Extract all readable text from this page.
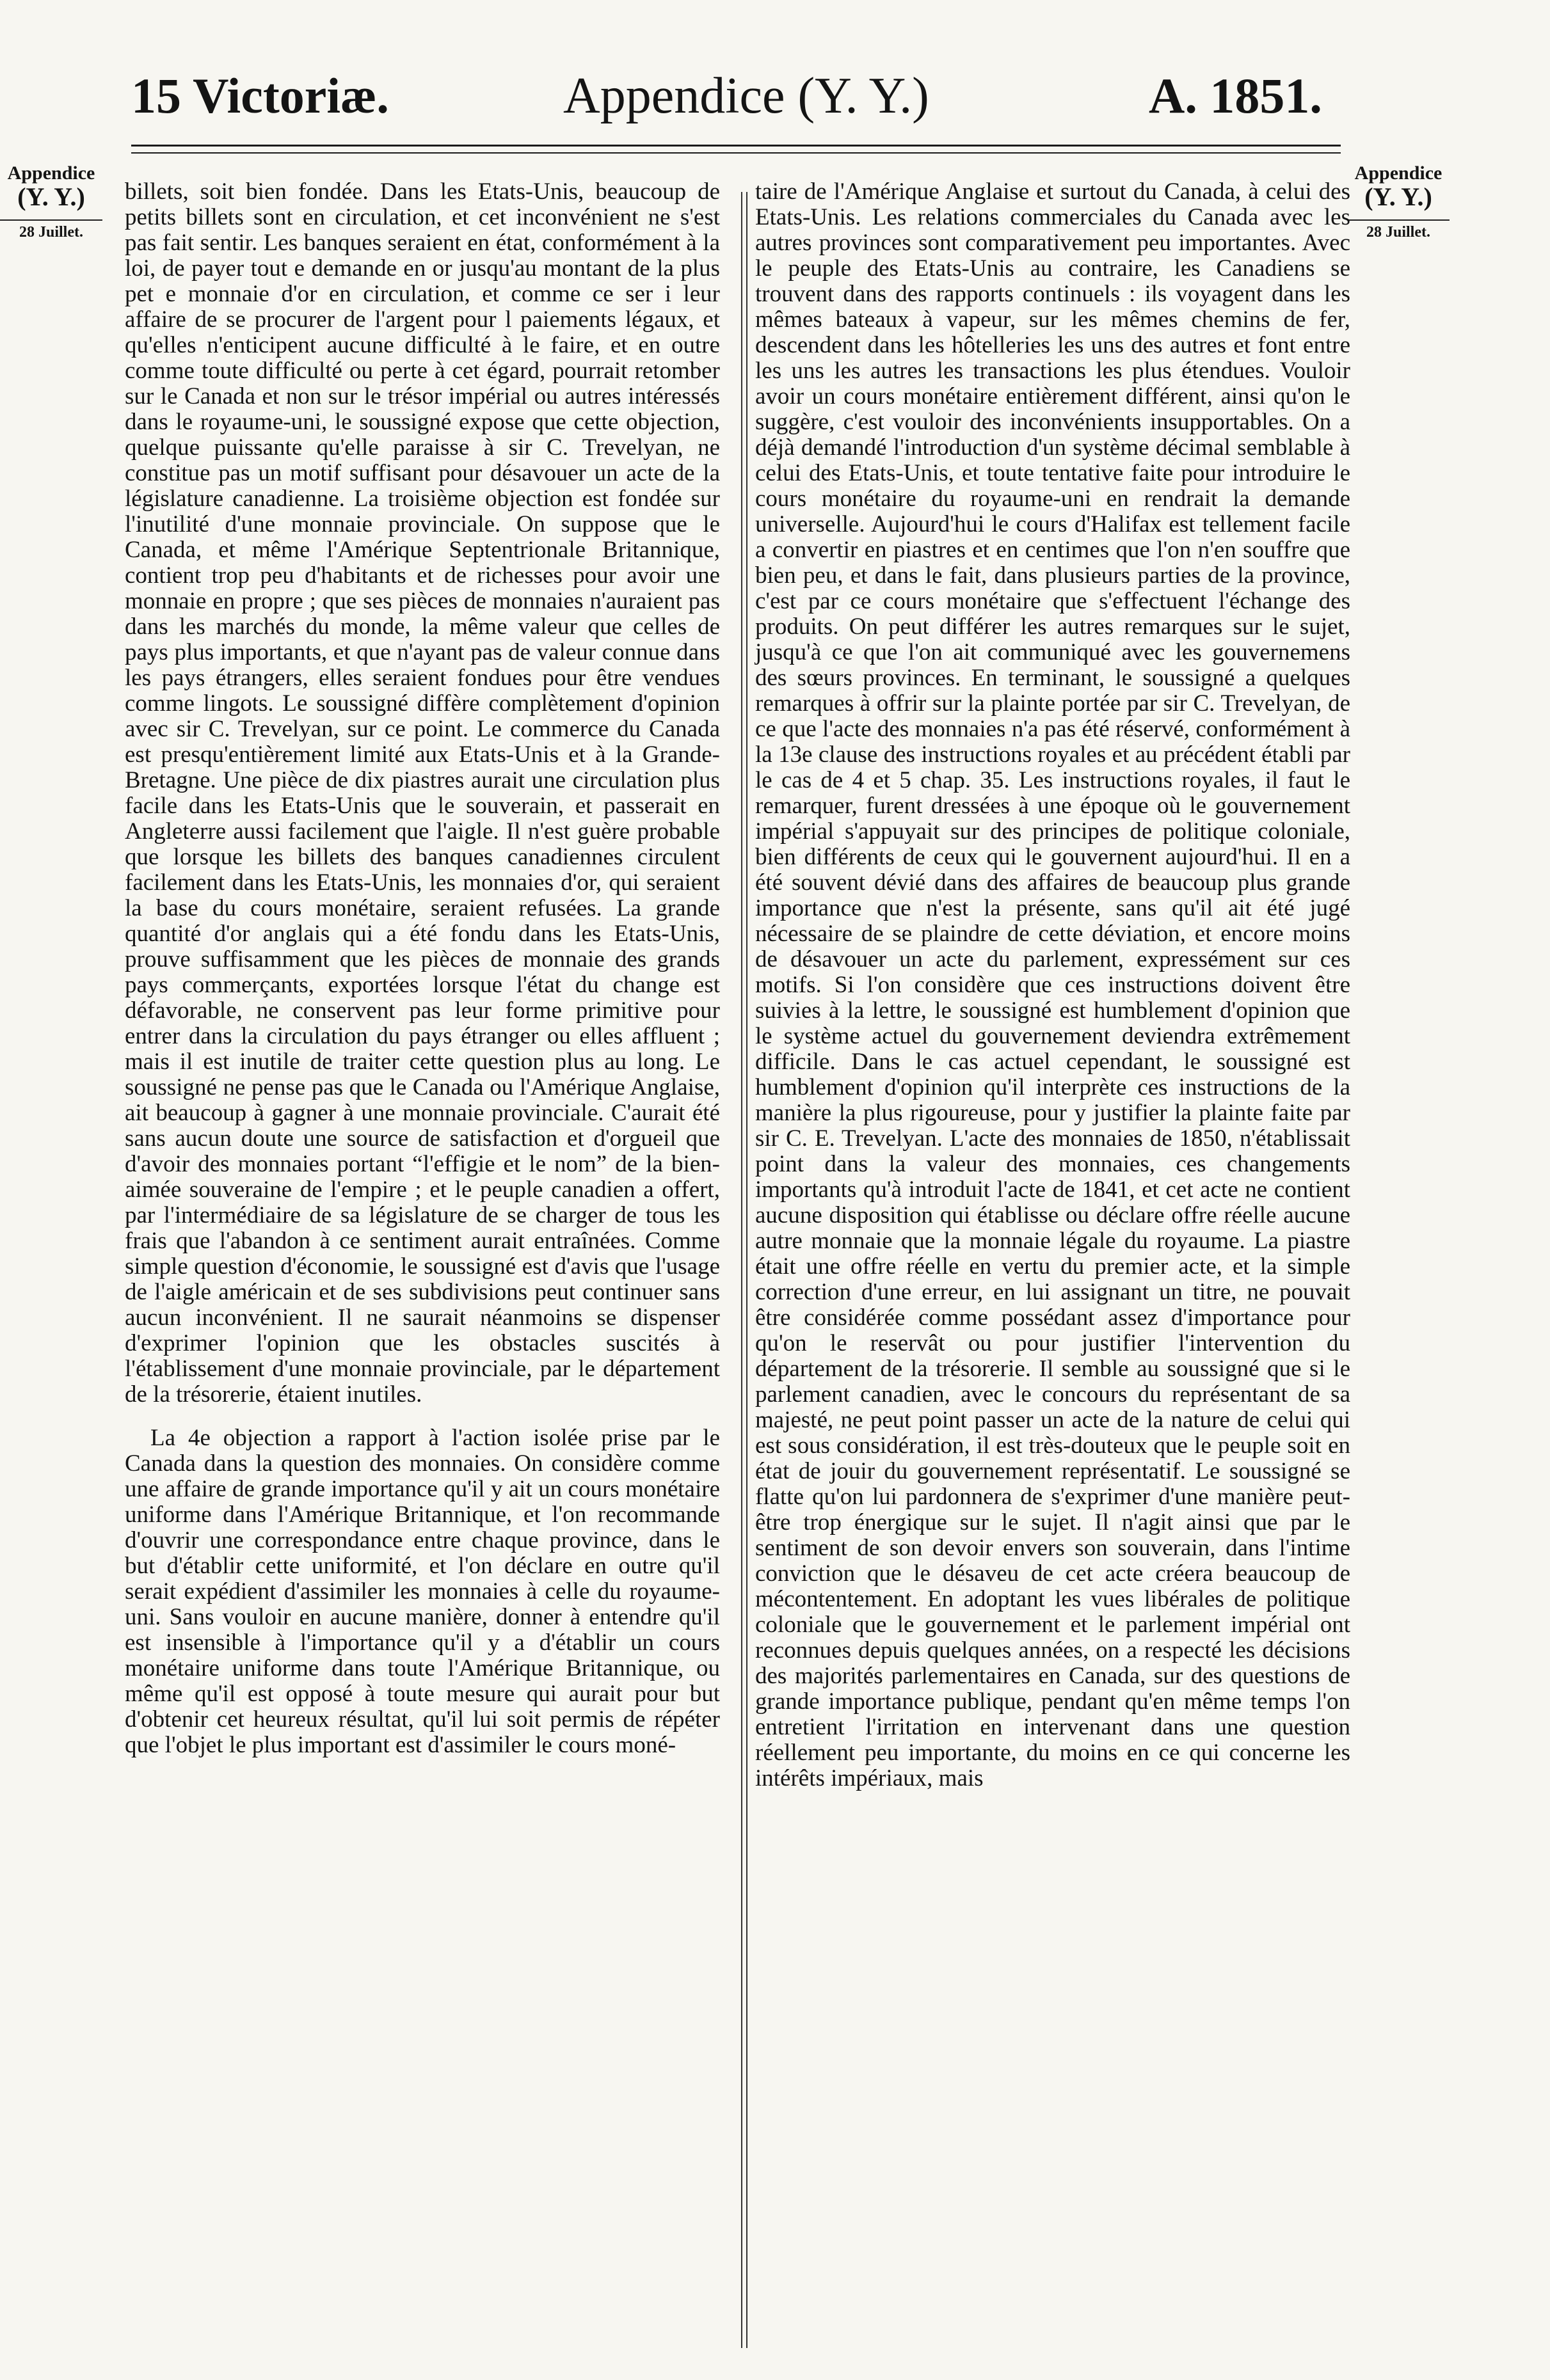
15 Victoriæ.	Appendice (Y. Y.)	A. 1851.
Appendice
(Y. Y.)
28 Juillet.
Appendice
(Y. Y.)
28 Juillet.

billets, soit bien fondée. Dans les Etats-Unis, beaucoup de petits billets sont en circulation, et cet inconvénient ne s'est pas fait sentir. Les banques seraient en état, conformément à la loi, de payer tout e demande en or jusqu'au montant de la plus pet e monnaie d'or en circulation, et comme ce ser i leur affaire de se procurer de l'argent pour l paiements légaux, et qu'elles n'enticipent aucune difficulté à le faire, et en outre comme toute difficulté ou perte à cet égard, pourrait retomber sur le Canada et non sur le trésor impérial ou autres intéressés dans le royaume-uni, le soussigné expose que cette objection, quelque puissante qu'elle paraisse à sir C. Trevelyan, ne constitue pas un motif suffisant pour désavouer un acte de la législature canadienne. La troisième objection est fondée sur l'inutilité d'une monnaie provinciale. On suppose que le Canada, et même l'Amérique Septentrionale Britannique, contient trop peu d'habitants et de richesses pour avoir une monnaie en propre ; que ses pièces de monnaies n'auraient pas dans les marchés du monde, la même valeur que celles de pays plus importants, et que n'ayant pas de valeur connue dans les pays étrangers, elles seraient fondues pour être vendues comme lingots. Le soussigné diffère complètement d'opinion avec sir C. Trevelyan, sur ce point. Le commerce du Canada est presqu'entièrement limité aux Etats-Unis et à la Grande-Bretagne. Une pièce de dix piastres aurait une circulation plus facile dans les Etats-Unis que le souverain, et passerait en Angleterre aussi facilement que l'aigle. Il n'est guère probable que lorsque les billets des banques canadiennes circulent facilement dans les Etats-Unis, les monnaies d'or, qui seraient la base du cours monétaire, seraient refusées. La grande quantité d'or anglais qui a été fondu dans les Etats-Unis, prouve suffisamment que les pièces de monnaie des grands pays commerçants, exportées lorsque l'état du change est défavorable, ne conservent pas leur forme primitive pour entrer dans la circulation du pays étranger ou elles affluent ; mais il est inutile de traiter cette question plus au long. Le soussigné ne pense pas que le Canada ou l'Amérique Anglaise, ait beaucoup à gagner à une monnaie provinciale. C'aurait été sans aucun doute une source de satisfaction et d'orgueil que d'avoir des monnaies portant “l'effigie et le nom” de la bien-aimée souveraine de l'empire ; et le peuple canadien a offert, par l'intermédiaire de sa législature de se charger de tous les frais que l'abandon à ce sentiment aurait entraînées. Comme simple question d'économie, le soussigné est d'avis que l'usage de l'aigle américain et de ses subdivisions peut continuer sans aucun inconvénient. Il ne saurait néanmoins se dispenser d'exprimer l'opinion que les obstacles suscités à l'établissement d'une monnaie provinciale, par le département de la trésorerie, étaient inutiles.

La 4e objection a rapport à l'action isolée prise par le Canada dans la question des monnaies. On considère comme une affaire de grande importance qu'il y ait un cours monétaire uniforme dans l'Amérique Britannique, et l'on recommande d'ouvrir une correspondance entre chaque province, dans le but d'établir cette uniformité, et l'on déclare en outre qu'il serait expédient d'assimiler les monnaies à celle du royaume-uni. Sans vouloir en aucune manière, donner à entendre qu'il est insensible à l'importance qu'il y a d'établir un cours monétaire uniforme dans toute l'Amérique Britannique, ou même qu'il est opposé à toute mesure qui aurait pour but d'obtenir cet heureux résultat, qu'il lui soit permis de répéter que l'objet le plus important est d'assimiler le cours moné-

taire de l'Amérique Anglaise et surtout du Canada, à celui des Etats-Unis. Les relations commerciales du Canada avec les autres provinces sont comparativement peu importantes. Avec le peuple des Etats-Unis au contraire, les Canadiens se trouvent dans des rapports continuels : ils voyagent dans les mêmes bateaux à vapeur, sur les mêmes chemins de fer, descendent dans les hôtelleries les uns des autres et font entre les uns les autres les transactions les plus étendues. Vouloir avoir un cours monétaire entièrement différent, ainsi qu'on le suggère, c'est vouloir des inconvénients insupportables. On a déjà demandé l'introduction d'un système décimal semblable à celui des Etats-Unis, et toute tentative faite pour introduire le cours monétaire du royaume-uni en rendrait la demande universelle. Aujourd'hui le cours d'Halifax est tellement facile a convertir en piastres et en centimes que l'on n'en souffre que bien peu, et dans le fait, dans plusieurs parties de la province, c'est par ce cours monétaire que s'effectuent l'échange des produits. On peut différer les autres remarques sur le sujet, jusqu'à ce que l'on ait communiqué avec les gouvernemens des sœurs provinces. En terminant, le soussigné a quelques remarques à offrir sur la plainte portée par sir C. Trevelyan, de ce que l'acte des monnaies n'a pas été réservé, conformément à la 13e clause des instructions royales et au précédent établi par le cas de 4 et 5 chap. 35. Les instructions royales, il faut le remarquer, furent dressées à une époque où le gouvernement impérial s'appuyait sur des principes de politique coloniale, bien différents de ceux qui le gouvernent aujourd'hui. Il en a été souvent dévié dans des affaires de beaucoup plus grande importance que n'est la présente, sans qu'il ait été jugé nécessaire de se plaindre de cette déviation, et encore moins de désavouer un acte du parlement, expressément sur ces motifs. Si l'on considère que ces instructions doivent être suivies à la lettre, le soussigné est humblement d'opinion que le système actuel du gouvernement deviendra extrêmement difficile. Dans le cas actuel cependant, le soussigné est humblement d'opinion qu'il interprète ces instructions de la manière la plus rigoureuse, pour y justifier la plainte faite par sir C. E. Trevelyan. L'acte des monnaies de 1850, n'établissait point dans la valeur des monnaies, ces changements importants qu'à introduit l'acte de 1841, et cet acte ne contient aucune disposition qui établisse ou déclare offre réelle aucune autre monnaie que la monnaie légale du royaume. La piastre était une offre réelle en vertu du premier acte, et la simple correction d'une erreur, en lui assignant un titre, ne pouvait être considérée comme possédant assez d'importance pour qu'on le reservât ou pour justifier l'intervention du département de la trésorerie. Il semble au soussigné que si le parlement canadien, avec le concours du représentant de sa majesté, ne peut point passer un acte de la nature de celui qui est sous considération, il est très-douteux que le peuple soit en état de jouir du gouvernement représentatif. Le soussigné se flatte qu'on lui pardonnera de s'exprimer d'une manière peut-être trop énergique sur le sujet. Il n'agit ainsi que par le sentiment de son devoir envers son souverain, dans l'intime conviction que le désaveu de cet acte créera beaucoup de mécontentement. En adoptant les vues libérales de politique coloniale que le gouvernement et le parlement impérial ont reconnues depuis quelques années, on a respecté les décisions des majorités parlementaires en Canada, sur des questions de grande importance publique, pendant qu'en même temps l'on entretient l'irritation en intervenant dans une question réellement peu importante, du moins en ce qui concerne les intérêts impériaux, mais
